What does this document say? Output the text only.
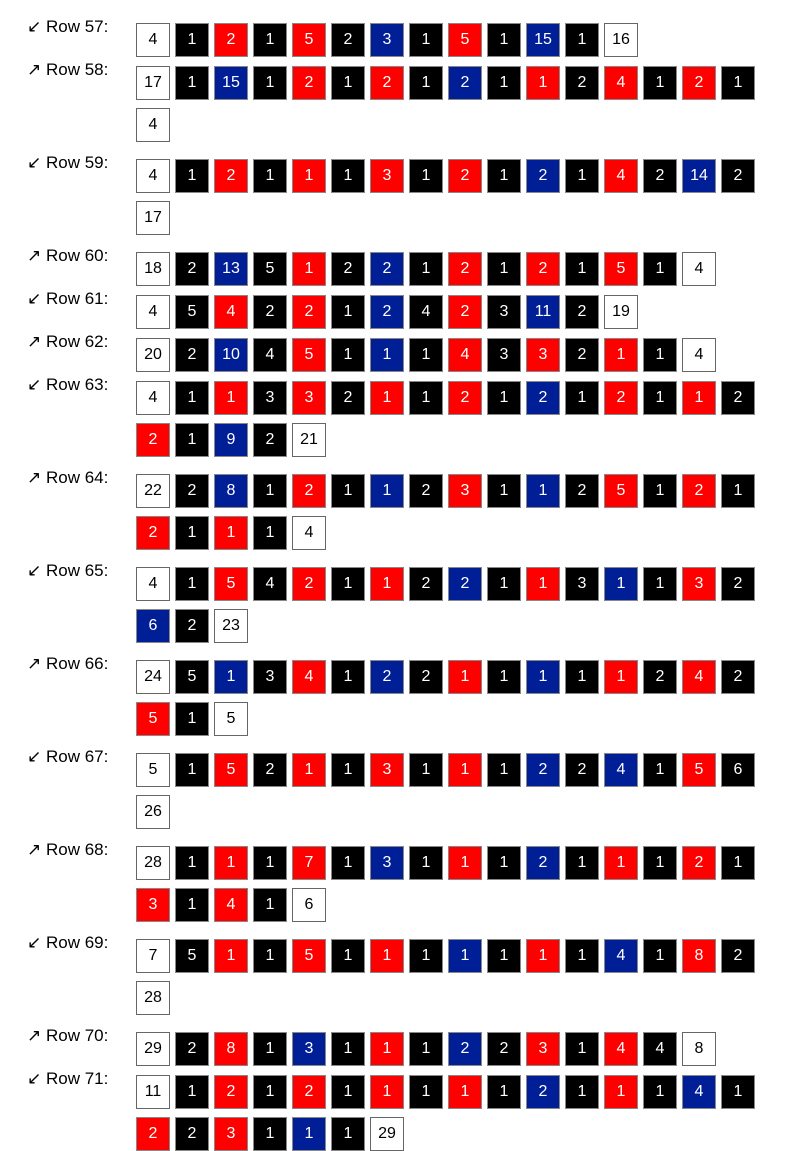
↙ Row 57:
4	1	2	1	5	2	3	1	5	1	15	1	16
↗ Row 58:
17	1	15	1	2	1	2	1	2	1	1	2	4	1	2	1
4
↙ Row 59:
4	1	2	1	1	1	3	1	2	1	2	1	4	2	14	2
17
↗ Row 60:
18	2	13	5	1	2	2	1	2	1	2	1	5	1	4
↙ Row 61:
4	5	4	2	2	1	2	4	2	3	11	2	19
↗ Row 62:
20	2	10	4	5	1	1	1	4	3	3	2	1	1	4
↙ Row 63:
4	1	1	3	3	2	1	1	2	1	2	1	2	1	1	2
2	1	9	2	21
↗ Row 64:
22	2	8	1	2	1	1	2	3	1	1	2	5	1	2	1
2	1	1	1	4
↙ Row 65:
4	1	5	4	2	1	1	2	2	1	1	3	1	1	3	2
6	2	23
↗ Row 66:
24	5	1	3	4	1	2	2	1	1	1	1	1	2	4	2
5	1	5
↙ Row 67:
5	1	5	2	1	1	3	1	1	1	2	2	4	1	5	6
26
↗ Row 68:
28	1	1	1	7	1	3	1	1	1	2	1	1	1	2	1
3	1	4	1	6
↙ Row 69:
7	5	1	1	5	1	1	1	1	1	1	1	4	1	8	2
28
↗ Row 70:
29	2	8	1	3	1	1	1	2	2	3	1	4	4	8
↙ Row 71:
11	1	2	1	2	1	1	1	1	1	2	1	1	1	4	1
2	2	3	1	1	1	29
